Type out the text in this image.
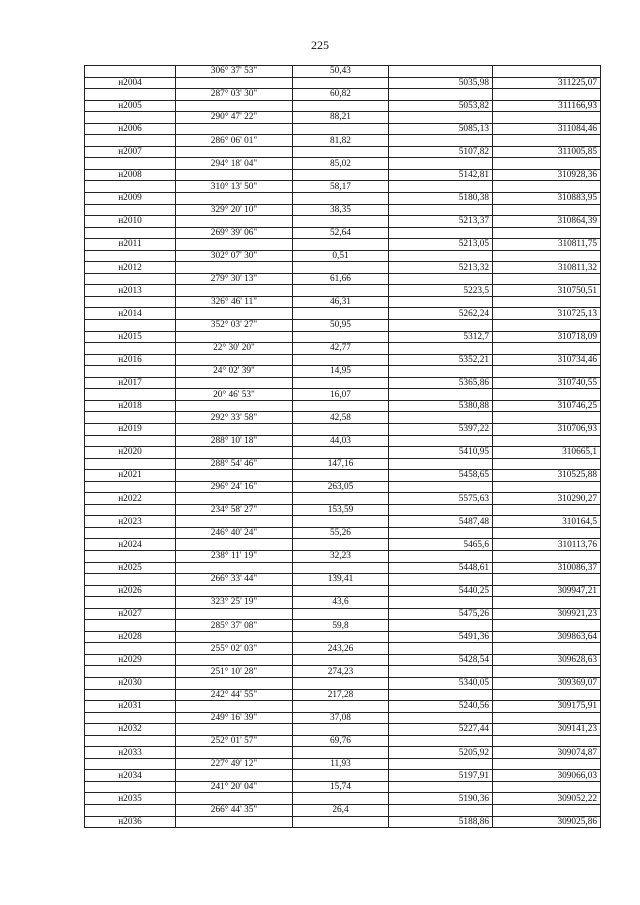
225
	306° 37' 53"	50,43		
н2004			5035,98	311225,07
	287° 03' 30"	60,82		
н2005			5053,82	311166,93
	290° 47' 22"	88,21		
н2006			5085,13	311084,46
	286° 06' 01"	81,82		
н2007			5107,82	311005,85
	294° 18' 04"	85,02		
н2008			5142,81	310928,36
	310° 13' 50"	58,17		
н2009			5180,38	310883,95
	329° 20' 10"	38,35		
н2010			5213,37	310864,39
	269° 39' 06"	52,64		
н2011			5213,05	310811,75
	302° 07' 30"	0,51		
н2012			5213,32	310811,32
	279° 30' 13"	61,66		
н2013			5223,5	310750,51
	326° 46' 11"	46,31		
н2014			5262,24	310725,13
	352° 03' 27"	50,95		
н2015			5312,7	310718,09
	22° 30' 20"	42,77		
н2016			5352,21	310734,46
	24° 02' 39"	14,95		
н2017			5365,86	310740,55
	20° 46' 53"	16,07		
н2018			5380,88	310746,25
	292° 33' 58"	42,58		
н2019			5397,22	310706,93
	288° 10' 18"	44,03		
н2020			5410,95	310665,1
	288° 54' 46"	147,16		
н2021			5458,65	310525,88
	296° 24' 16"	263,05		
н2022			5575,63	310290,27
	234° 58' 27"	153,59		
н2023			5487,48	310164,5
	246° 40' 24"	55,26		
н2024			5465,6	310113,76
	238° 11' 19"	32,23		
н2025			5448,61	310086,37
	266° 33' 44"	139,41		
н2026			5440,25	309947,21
	323° 25' 19"	43,6		
н2027			5475,26	309921,23
	285° 37' 08"	59,8		
н2028			5491,36	309863,64
	255° 02' 03"	243,26		
н2029			5428,54	309628,63
	251° 10' 28"	274,23		
н2030			5340,05	309369,07
	242° 44' 55"	217,28		
н2031			5240,56	309175,91
	249° 16' 39"	37,08		
н2032			5227,44	309141,23
	252° 01' 57"	69,76		
н2033			5205,92	309074,87
	227° 49' 12"	11,93		
н2034			5197,91	309066,03
	241° 20' 04"	15,74		
н2035			5190,36	309052,22
	266° 44' 35"	26,4		
н2036			5188,86	309025,86
